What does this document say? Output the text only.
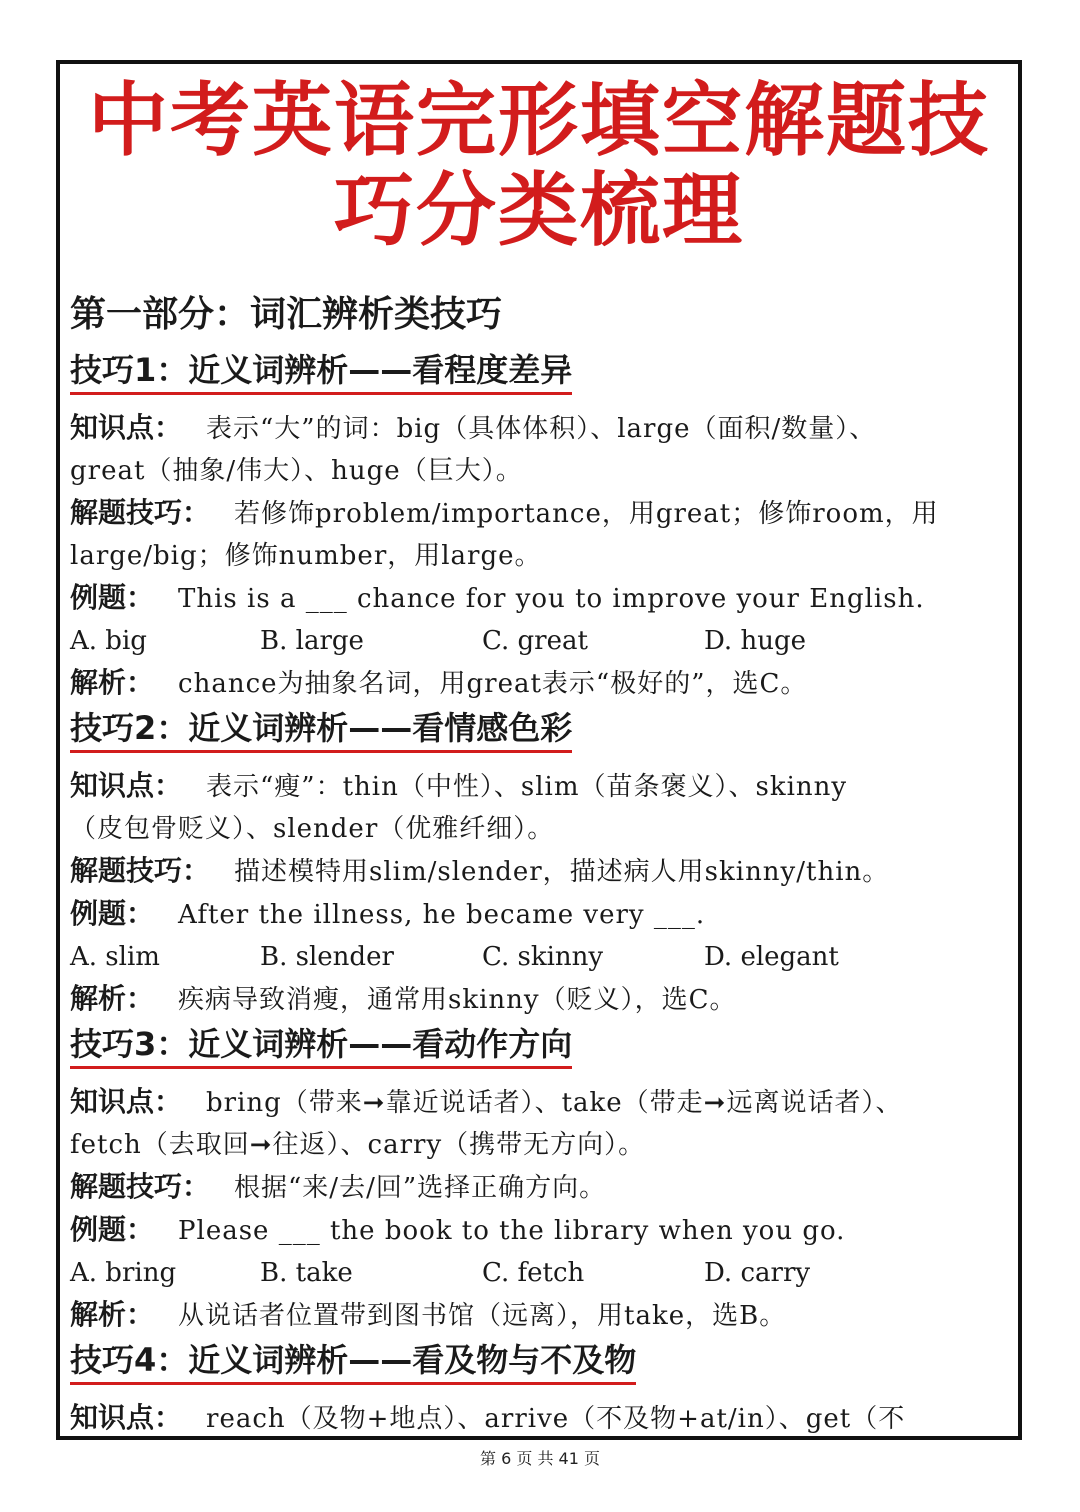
中考英语完形填空解题技
巧分类梳理
第一部分：词汇辨析类技巧
技巧1：近义词辨析——看程度差异

知识点： 表示“大”的词：big（具体体积）、large（面积/数量）、

great（抽象/伟大）、huge（巨大）。

解题技巧： 若修饰problem/importance，用great；修饰room，用

large/big；修饰number，用large。

例题： This is a ___ chance for you to improve your English.

A. big	B. large	C. great	D. huge

解析： chance为抽象名词，用great表示“极好的”，选C。

技巧2：近义词辨析——看情感色彩

知识点： 表示“瘦”：thin（中性）、slim（苗条褒义）、skinny

（皮包骨贬义）、slender（优雅纤细）。

解题技巧： 描述模特用slim/slender，描述病人用skinny/thin。

例题： After the illness, he became very ___.

A. slim	B. slender	C. skinny	D. elegant

解析： 疾病导致消瘦，通常用skinny（贬义），选C。

技巧3：近义词辨析——看动作方向

知识点： bring（带来➞靠近说话者）、take（带走➞远离说话者）、

fetch（去取回➞往返）、carry（携带无方向）。

解题技巧： 根据“来/去/回”选择正确方向。

例题： Please ___ the book to the library when you go.

A. bring	B. take	C. fetch	D. carry

解析： 从说话者位置带到图书馆（远离），用take，选B。

技巧4：近义词辨析——看及物与不及物

知识点： reach（及物+地点）、arrive（不及物+at/in）、get（不

第 6 页 共 41 页
